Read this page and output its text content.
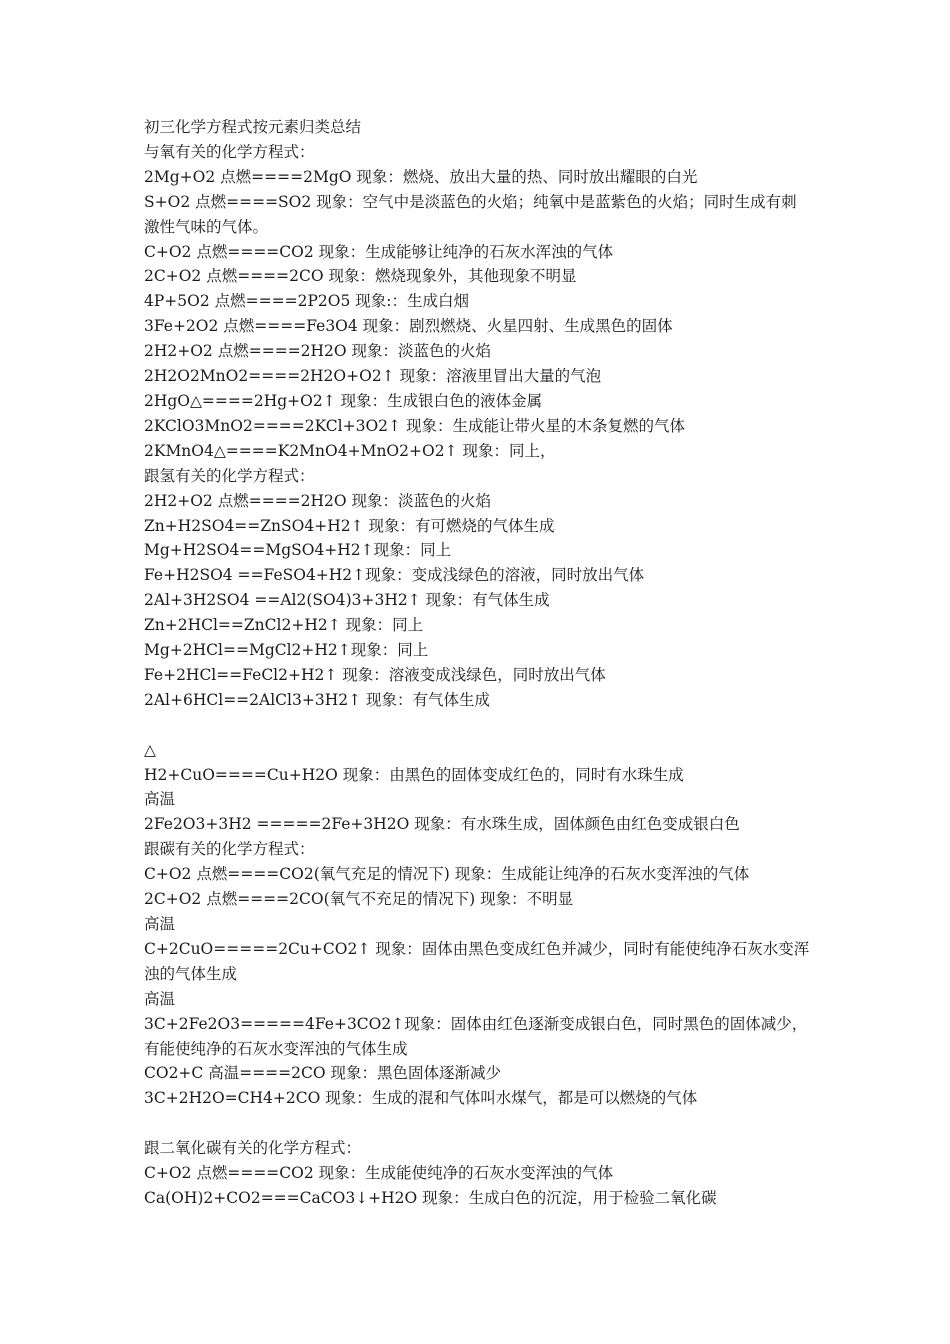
初三化学方程式按元素归类总结
与氧有关的化学方程式：
2Mg+O2 点燃====2MgO 现象：燃烧、放出大量的热、同时放出耀眼的白光
S+O2 点燃====SO2 现象：空气中是淡蓝色的火焰；纯氧中是蓝紫色的火焰；同时生成有刺激性气味的气体。
C+O2 点燃====CO2 现象：生成能够让纯净的石灰水浑浊的气体
2C+O2 点燃====2CO 现象：燃烧现象外，其他现象不明显
4P+5O2 点燃====2P2O5 现象:：生成白烟
3Fe+2O2 点燃====Fe3O4 现象：剧烈燃烧、火星四射、生成黑色的固体
2H2+O2 点燃====2H2O 现象：淡蓝色的火焰
2H2O2MnO2====2H2O+O2↑ 现象：溶液里冒出大量的气泡
2HgO△====2Hg+O2↑ 现象：生成银白色的液体金属
2KClO3MnO2====2KCl+3O2↑ 现象：生成能让带火星的木条复燃的气体
2KMnO4△====K2MnO4+MnO2+O2↑ 现象：同上，
跟氢有关的化学方程式：
2H2+O2 点燃====2H2O 现象：淡蓝色的火焰
Zn+H2SO4==ZnSO4+H2↑ 现象：有可燃烧的气体生成
Mg+H2SO4==MgSO4+H2↑现象：同上
Fe+H2SO4 ==FeSO4+H2↑现象：变成浅绿色的溶液，同时放出气体
2Al+3H2SO4 ==Al2(SO4)3+3H2↑ 现象：有气体生成
Zn+2HCl==ZnCl2+H2↑ 现象：同上
Mg+2HCl==MgCl2+H2↑现象：同上
Fe+2HCl==FeCl2+H2↑ 现象：溶液变成浅绿色，同时放出气体
2Al+6HCl==2AlCl3+3H2↑ 现象：有气体生成
△
H2+CuO====Cu+H2O 现象：由黑色的固体变成红色的，同时有水珠生成
高温
2Fe2O3+3H2 =====2Fe+3H2O 现象：有水珠生成，固体颜色由红色变成银白色
跟碳有关的化学方程式：
C+O2 点燃====CO2(氧气充足的情况下) 现象：生成能让纯净的石灰水变浑浊的气体
2C+O2 点燃====2CO(氧气不充足的情况下) 现象：不明显
高温
C+2CuO=====2Cu+CO2↑ 现象：固体由黑色变成红色并减少，同时有能使纯净石灰水变浑浊的气体生成
高温
3C+2Fe2O3=====4Fe+3CO2↑现象：固体由红色逐渐变成银白色，同时黑色的固体减少，有能使纯净的石灰水变浑浊的气体生成
CO2+C 高温====2CO 现象：黑色固体逐渐减少
3C+2H2O=CH4+2CO 现象：生成的混和气体叫水煤气，都是可以燃烧的气体
跟二氧化碳有关的化学方程式：
C+O2 点燃====CO2 现象：生成能使纯净的石灰水变浑浊的气体
Ca(OH)2+CO2===CaCO3↓+H2O 现象：生成白色的沉淀，用于检验二氧化碳
